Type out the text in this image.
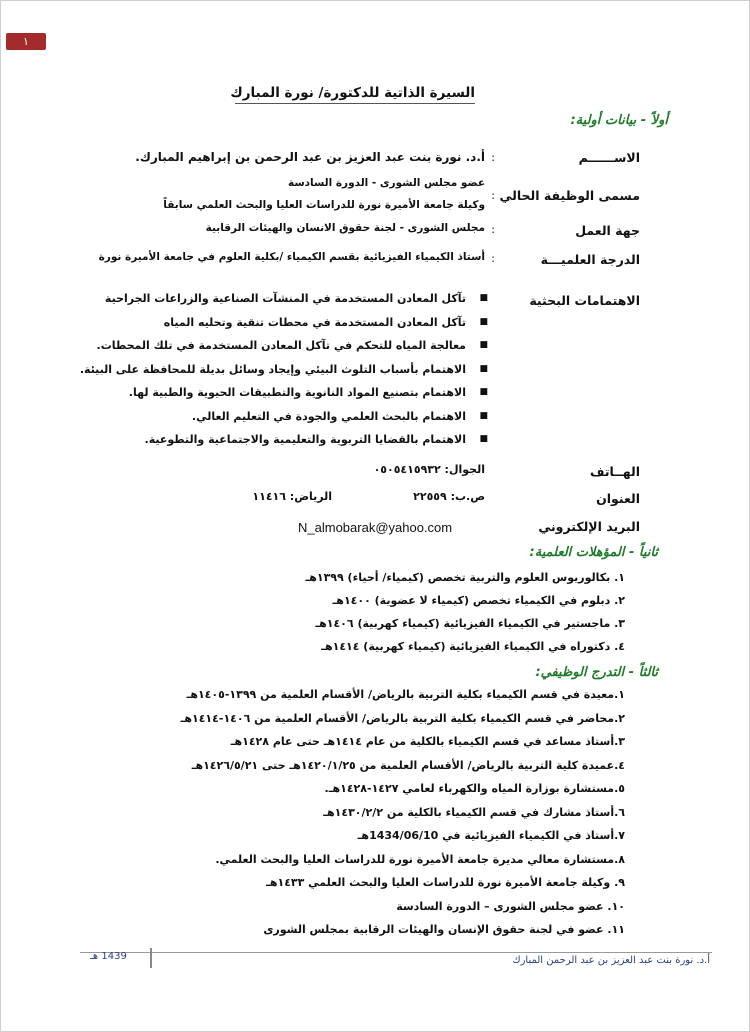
١
السيرة الذاتية للدكتورة/ نورة المبارك
أولاً - بيانات أولية:
الاســــــم
:
أ.د. نورة بنت عبد العزيز بن عبد الرحمن بن إبراهيم المبارك.
عضو مجلس الشورى - الدورة السادسة
مسمى الوظيفة الحالي
:
وكيلة جامعة الأميرة نورة للدراسات العليا والبحث العلمي سابقاً
جهة العمل
:
مجلس الشورى - لجنة حقوق الانسان والهيئات الرقابية
الدرجة العلميـــة
:
أستاذ الكيمياء الفيزيائية بقسم الكيمياء /بكلية العلوم في جامعة الأميرة نورة
الاهتمامات البحثية
■
تآكل المعادن المستخدمة في المنشآت الصناعية والزراعات الجراحية
■
تآكل المعادن المستخدمة في محطات تنقية وتحليه المياه
■
معالجة المياه للتحكم في تآكل المعادن المستخدمة في تلك المحطات.
■
الاهتمام بأسباب التلوث البيئي وإيجاد وسائل بديلة للمحافظة على البيئة.
■
الاهتمام بتصنيع المواد النانوية والتطبيقات الحيوية والطبية لها.
■
الاهتمام بالبحث العلمي والجودة في التعليم العالي.
■
الاهتمام بالقضايا التربوية والتعليمية والاجتماعية والتطوعية.
الهــاتف
الجوال: ٠٥٠٥٤١٥٩٣٢
العنوان
ص.ب: ٢٢٥٥٩
الرياض: ١١٤١٦
البريد الإلكتروني
N_almobarak@yahoo.com
ثانياً - المؤهلات العلمية:
١. بكالوريوس العلوم والتربية تخصص (كيمياء/ أحياء) ١٣٩٩هـ
٢. دبلوم في الكيمياء تخصص (كيمياء لا عضوية) ١٤٠٠هـ
٣. ماجستير في الكيمياء الفيزيائية (كيمياء كهربية) ١٤٠٦هـ
٤. دكتوراه في الكيمياء الفيزيائية (كيمياء كهربية) ١٤١٤هـ
ثالثاً - التدرج الوظيفي:
١.معيدة في قسم الكيمياء بكلية التربية بالرياض/ الأقسام العلمية من ١٣٩٩-١٤٠٥هـ
٢.محاضر في قسم الكيمياء بكلية التربية بالرياض/ الأقسام العلمية من ١٤٠٦-١٤١٤هـ
٣.أستاذ مساعد في قسم الكيمياء بالكلية من عام ١٤١٤هـ حتى عام ١٤٢٨هـ
٤.عميدة كلية التربية بالرياض/ الأقسام العلمية من ١٤٢٠/١/٢٥هـ حتى ١٤٢٦/٥/٢١هـ
٥.مستشارة بوزارة المياه والكهرباء لعامي ١٤٢٧-١٤٢٨هـ.
٦.أستاذ مشارك في قسم الكيمياء بالكلية من ١٤٣٠/٢/٢هـ
٧.أستاذ في الكيمياء الفيزيائية في 1434/06/10هـ
٨.مستشارة معالي مديرة جامعة الأميرة نورة للدراسات العليا والبحث العلمي.
٩. وكيلة جامعة الأميرة نورة للدراسات العليا والبحث العلمي ١٤٣٣هـ
١٠. عضو مجلس الشورى – الدورة السادسة
١١. عضو في لجنة حقوق الإنسان والهيئات الرقابية بمجلس الشورى
1439 هـ	أ.د. نورة بنت عبد العزيز بن عبد الرحمن المبارك
